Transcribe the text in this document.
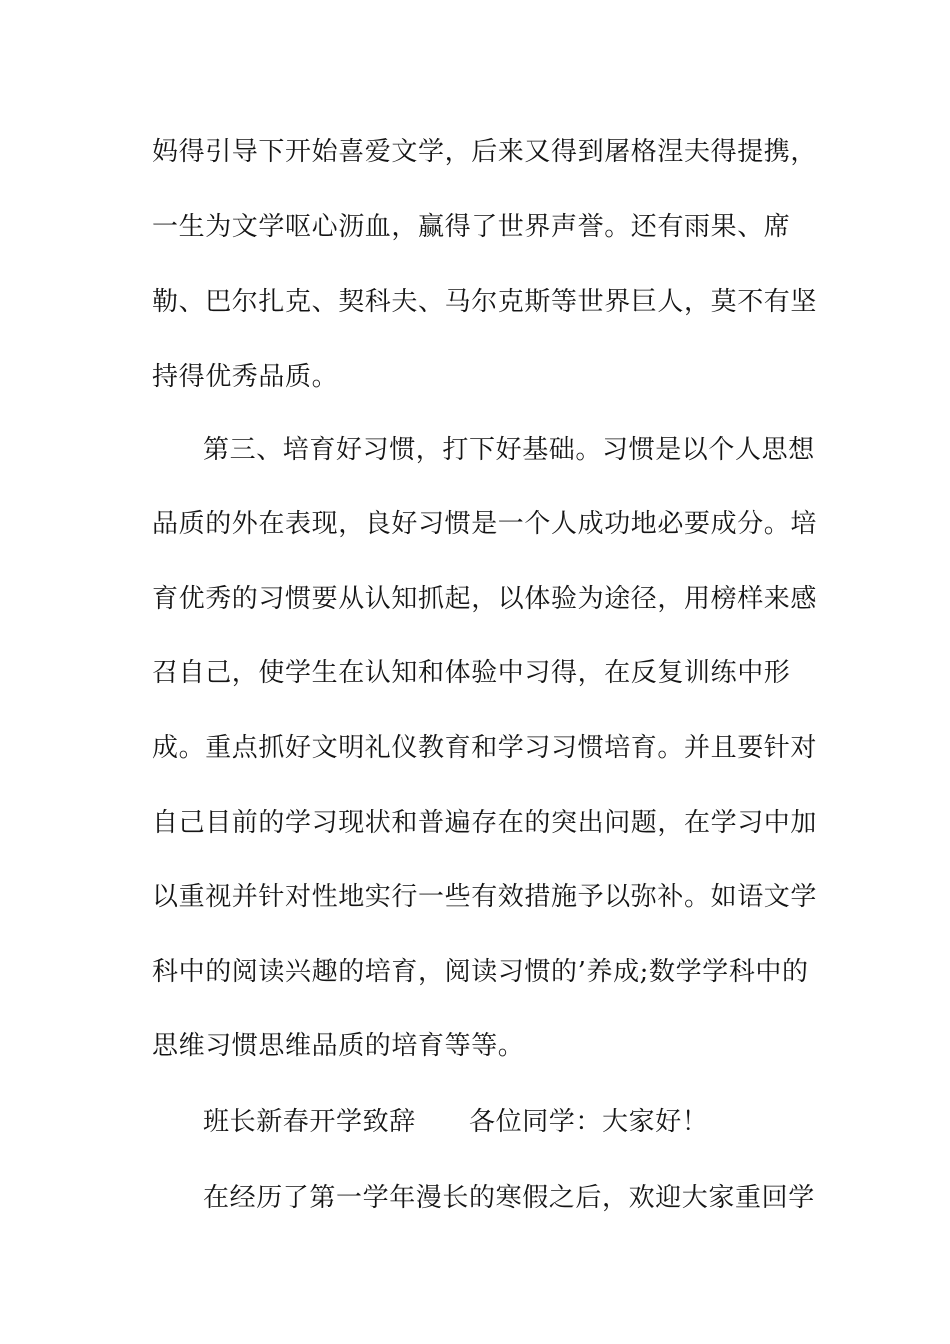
妈得引导下开始喜爱文学，后来又得到屠格涅夫得提携，
一生为文学呕心沥血，赢得了世界声誉。还有雨果、席
勒、巴尔扎克、契科夫、马尔克斯等世界巨人，莫不有坚
持得优秀品质。
第三、培育好习惯，打下好基础。习惯是以个人思想
品质的外在表现，良好习惯是一个人成功地必要成分。培
育优秀的习惯要从认知抓起，以体验为途径，用榜样来感
召自己，使学生在认知和体验中习得，在反复训练中形
成。重点抓好文明礼仪教育和学习习惯培育。并且要针对
自己目前的学习现状和普遍存在的突出问题，在学习中加
以重视并针对性地实行一些有效措施予以弥补。如语文学
科中的阅读兴趣的培育，阅读习惯的’养成;数学学科中的
思维习惯思维品质的培育等等。
班长新春开学致辞　　各位同学：大家好！
在经历了第一学年漫长的寒假之后，欢迎大家重回学
